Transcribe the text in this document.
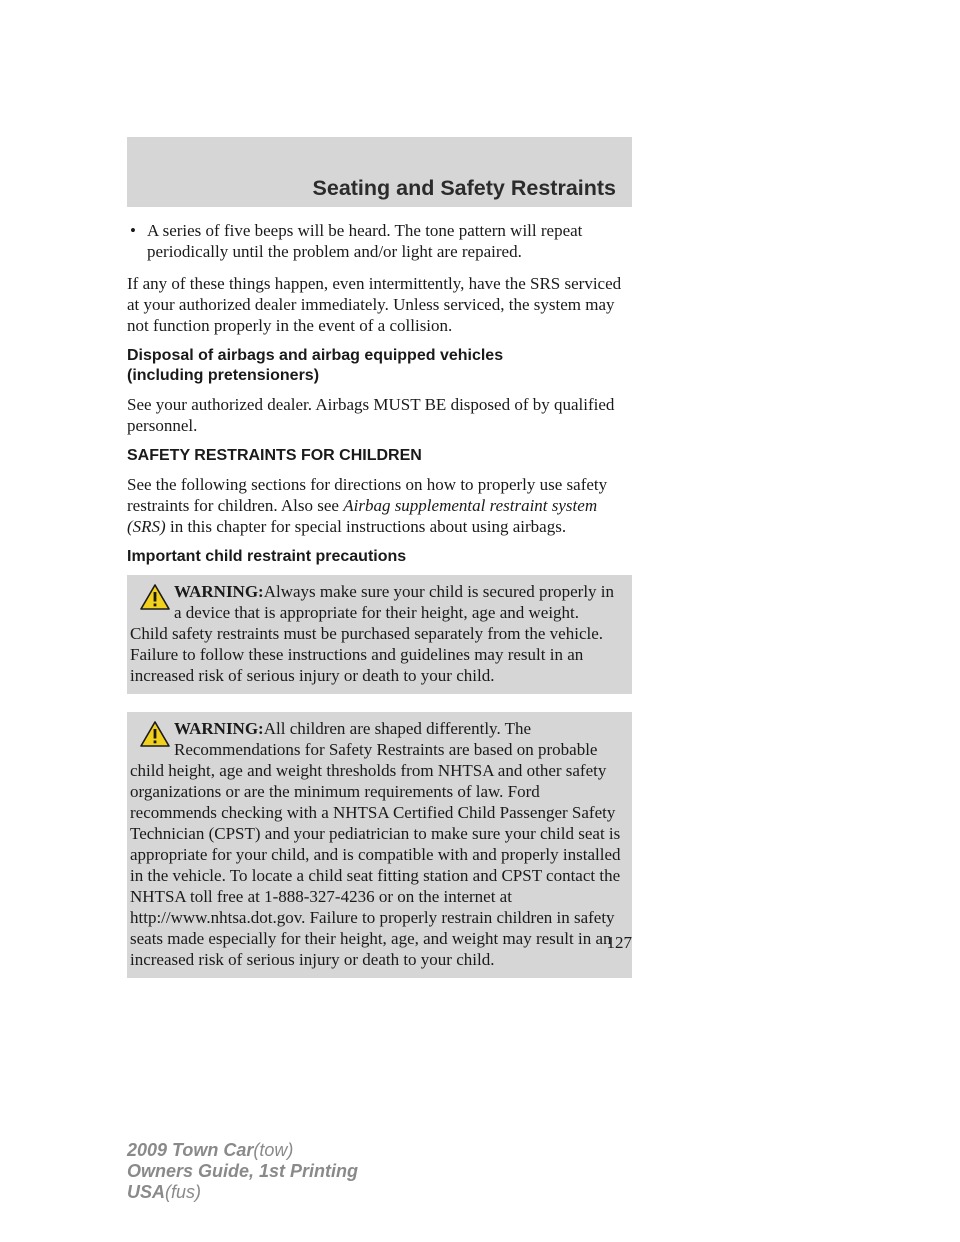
Seating and Safety Restraints

• A series of five beeps will be heard. The tone pattern will repeat periodically until the problem and/or light are repaired.

If any of these things happen, even intermittently, have the SRS serviced at your authorized dealer immediately. Unless serviced, the system may not function properly in the event of a collision.

Disposal of airbags and airbag equipped vehicles
(including pretensioners)

See your authorized dealer. Airbags MUST BE disposed of by qualified personnel.

SAFETY RESTRAINTS FOR CHILDREN

See the following sections for directions on how to properly use safety restraints for children. Also see Airbag supplemental restraint system (SRS) in this chapter for special instructions about using airbags.

Important child restraint precautions

WARNING:Always make sure your child is secured properly in
a device that is appropriate for their height, age and weight.
Child safety restraints must be purchased separately from the vehicle. Failure to follow these instructions and guidelines may result in an increased risk of serious injury or death to your child.

WARNING:All children are shaped differently. The
Recommendations for Safety Restraints are based on probable
child height, age and weight thresholds from NHTSA and other safety organizations or are the minimum requirements of law. Ford recommends checking with a NHTSA Certified Child Passenger Safety Technician (CPST) and your pediatrician to make sure your child seat is appropriate for your child, and is compatible with and properly installed in the vehicle. To locate a child seat fitting station and CPST contact the NHTSA toll free at 1-888-327-4236 or on the internet at http://www.nhtsa.dot.gov. Failure to properly restrain children in safety seats made especially for their height, age, and weight may result in an increased risk of serious injury or death to your child.

127
2009 Town Car(tow)
Owners Guide, 1st Printing
USA(fus)
